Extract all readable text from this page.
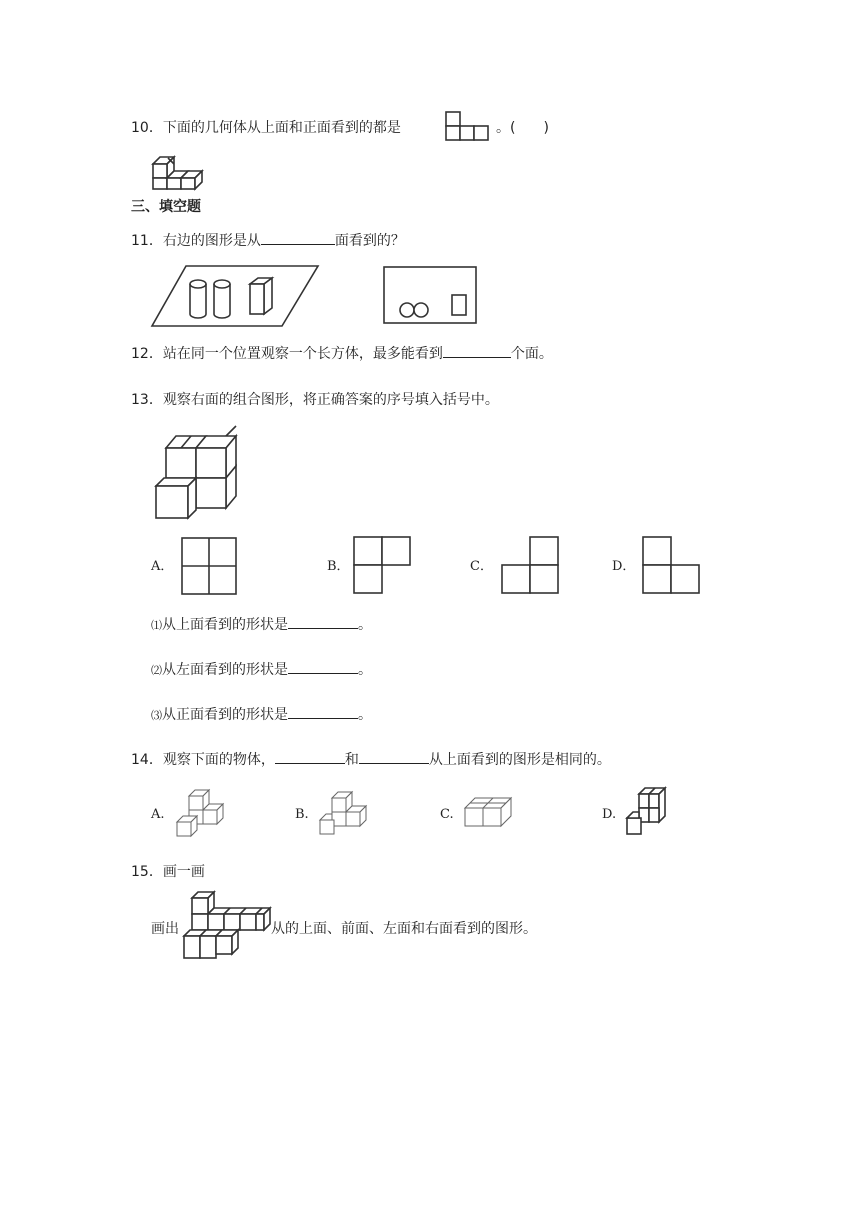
10．下面的几何体从上面和正面看到的都是	。(　　)
三、填空题
11．右边的图形是从	面看到的？
12．站在同一个位置观察一个长方体，最多能看到	个面。
13．观察右面的组合图形，将正确答案的序号填入括号中。
A．	B．	C．	D．
⑴从上面看到的形状是	。
⑵从左面看到的形状是	。
⑶从正面看到的形状是	。
14．观察下面的物体，	和	从上面看到的图形是相同的。
A.	B.	C.	D.
15．画一画
画出	从的上面、前面、左面和右面看到的图形。
